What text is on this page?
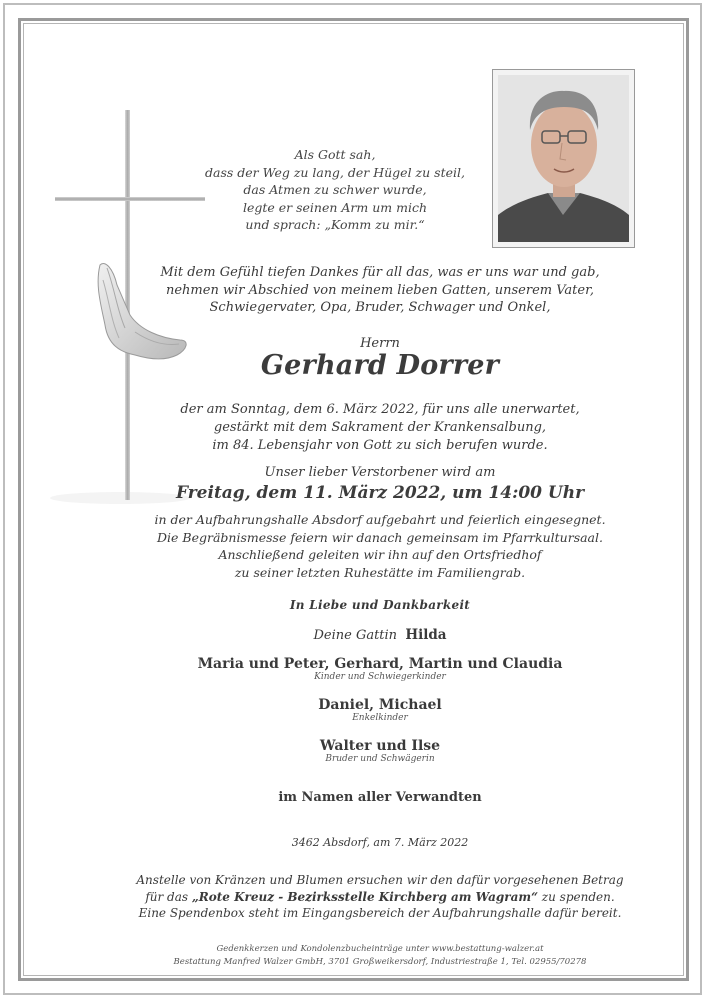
Als Gott sah,
dass der Weg zu lang, der Hügel zu steil,
das Atmen zu schwer wurde,
legte er seinen Arm um mich
und sprach: „Komm zu mir.“
Mit dem Gefühl tiefen Dankes für all das, was er uns war und gab,
nehmen wir Abschied von meinem lieben Gatten, unserem Vater,
Schwiegervater, Opa, Bruder, Schwager und Onkel,
Herrn
Gerhard Dorrer
der am Sonntag, dem 6. März 2022, für uns alle unerwartet,
gestärkt mit dem Sakrament der Krankensalbung,
im 84. Lebensjahr von Gott zu sich berufen wurde.
Unser lieber Verstorbener wird am
Freitag, dem 11. März 2022, um 14:00 Uhr
in der Aufbahrungshalle Absdorf aufgebahrt und feierlich eingesegnet.
Die Begräbnismesse feiern wir danach gemeinsam im Pfarrkultursaal.
Anschließend geleiten wir ihn auf den Ortsfriedhof
zu seiner letzten Ruhestätte im Familiengrab.
In Liebe und Dankbarkeit
Deine Gattin Hilda
Maria und Peter, Gerhard, Martin und Claudia
Kinder und Schwiegerkinder
Daniel, Michael
Enkelkinder
Walter und Ilse
Bruder und Schwägerin
im Namen aller Verwandten
3462 Absdorf, am 7. März 2022
Anstelle von Kränzen und Blumen ersuchen wir den dafür vorgesehenen Betrag
für das „Rote Kreuz - Bezirksstelle Kirchberg am Wagram“ zu spenden.
Eine Spendenbox steht im Eingangsbereich der Aufbahrungshalle dafür bereit.
Gedenkkerzen und Kondolenzbucheinträge unter www.bestattung-walzer.at
Bestattung Manfred Walzer GmbH, 3701 Großweikersdorf, Industriestraße 1, Tel. 02955/70278
